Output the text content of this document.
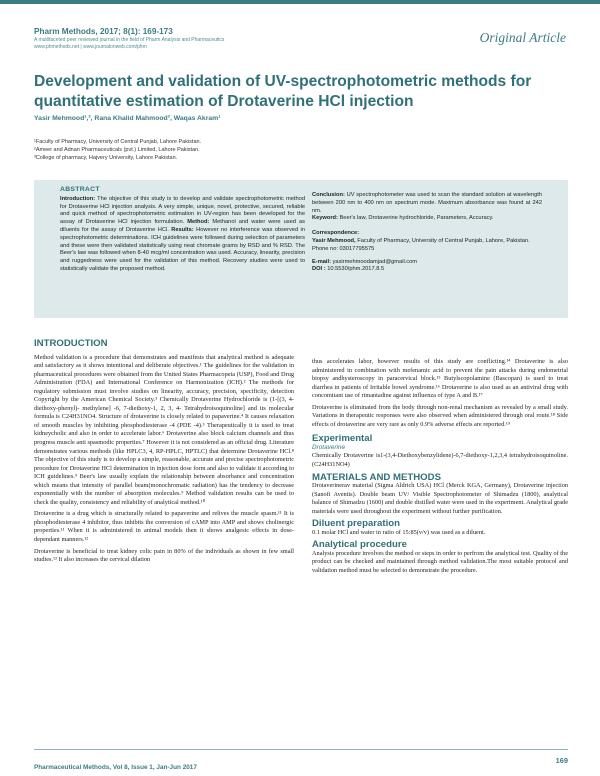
Pharm Methods, 2017; 8(1): 169-173
A multifaceted peer reviewed journal in the field of Pharm Analysis and Pharmaceutics
www.phmethods.net | www.journalonweb.com/phm
Original Article
Development and validation of UV-spectrophotometric methods for quantitative estimation of Drotaverine HCl injection
Yasir Mehmood¹,², Rana Khalid Mahmood³, Waqas Akram¹
¹Faculty of Pharmacy, University of Central Punjab, Lahore Pakistan.
²Ameer and Adnan Pharmaceuticals (pvt.) Limited, Lahore Pakistan.
³College of pharmacy, Hajvery University, Lahore Pakistan.
ABSTRACT
Introduction: The objective of this study is to develop and validate spectrophotometric method for Drotaverine HCl injection analysis. A very simple, unique, novel, protective, secured, reliable and quick method of spectrophotometric estimation in UV-region has been developed for the assay of Drotaverine HCl injection formulation. Method: Methanol and water were used as diluents for the assay of Drotaverine HCl. Results: However no interference was observed in spectrophotometric determinations. ICH guidelines were followed during selection of parameters and these were then validated statistically using neat chromate grams by RSD and % RSD. The Beer's law was followed when 8-40 mcg/ml concentration was used. Accuracy, linearity, precision and ruggedness were used for the validation of this method. Recovery studies were used to statistically validate the proposed method.
Conclusion: UV spectrophotometer was used to scan the standard solution at wavelength between 200 nm to 400 nm on spectrum mode. Maximum absorbance was found at 242 nm.
Keyword: Beer's law, Drotaverine hydrochloride, Parameters, Accuracy.
Correspondence:
Yasir Mehmood, Faculty of Pharmacy, University of Central Punjab, Lahore, Pakistan.
Phone no: 03017795575
E-mail: yasirmehmoodamjad@gmail.com
DOI : 10.5530/phm.2017.8.5
INTRODUCTION

Method validation is a procedure that demonstrates and manifests that analytical method is adequate and satisfactory as it shows intentional and deliberate objectives.¹ The guidelines for the validation in pharmaceutical procedures were obtained from the United States Pharmacopeia (USP), Food and Drug Administration (FDA) and International Conference on Harmonization (ICH).² The methods for regulatory submission must involve studies on linearity, accuracy, precision, specificity, detection Copyright by the American Chemical Society.³ Chemically Drotaverine Hydrochloride is (1-[(3, 4-diethoxy-phenyl)- methylene] -6, 7-diethoxy-1, 2, 3, 4- Tetrahydroisoquinoline] and its molecular formula is C24H31NO4. Structure of drotaverine is closely related to papaverine.⁴ It causes relaxation of smooth muscles by inhibiting phosphodiesterase -4 (PDE -4).⁵ Therapeutically it is used to treat kidneycholic and also in order to accelerate labor.⁶ Drotaverine also block calcium channels and thus progress muscle anti spasmodic properties.⁷ However it is not considered as an official drug. Literature demonstrates various methods (like HPLC3, 4, RP-HPLC, HPTLC) that determine Drotaverine HCl.⁸ The objective of this study is to develop a simple, reasonable, accurate and precise spectrophotometric procedure for Drotaverine HCl determination in injection dose form and also to validate it according to ICH guidelines.⁹ Beer's law usually explain the relationship between absorbance and concentration which means that intensity of parallel beam(monochromatic radiation) has the tendency to decrease exponentially with the number of absorption molecules.⁹ Method validation results can be used to check the quality, consistency and reliability of analytical method.¹⁰

Drotaverine is a drug which is structurally related to papaverine and relives the muscle spasm.¹¹ It is phosphodiesterase 4 inhibitor, thus inhibits the conversion of cAMP into AMP and shows cholinergic properties.¹¹ When it is administered in animal models then it shows analgesic effects in dose-dependant manners.¹²

Drotaverine is beneficial to treat kidney colic pain in 80% of the individuals as shown in few small studies.¹³ It also increases the cervical dilation

thus accelerates labor, however results of this study are conflicting.¹⁴ Drotaverine is also administered in combination with mefenamic acid to prevent the pain attacks during endometrial biopsy andhysteroscopy in paracervical block.¹⁵ Butylscopolamine (Bascopan) is used to treat diarrhea in patients of Irritable bowel syndrome.¹⁶ Drotaverine is also used as an antiviral drug with concomitant use of rimantadine against influenza of type A and B.¹⁷

Drotaverine is eliminated from the body through non-renal mechanism as revealed by a small study. Variations in therapeutic responses were also observed when administered through oral route.¹⁸ Side effects of drotaverine are very rare as only 0.9% adverse effects are reported.¹⁹

Experimental
Drotaverine

Chemically Drotaverine is1-(3,4-Diethoxybenzylidene)-6,7-diethoxy-1,2,3,4 tetrahydroisoquinoline. (C24H31NO4)

MATERIALS AND METHODS

Drotaverinerav material (Sigma Aldrich USA) HCl (Merck KGA, Germany), Drotaverine injection (Sanofi Aventis). Double beam UV/ Visible Spectrophotometer of Shimadzu (1800), analytical balance of Shimadzu (1600) and double distilled water were used in the experiment. Analytical grade materials were used throughout the experiment without further purification.

Diluent preparation

0.1 molar HCl and water in ratio of 15:85(v/v) was used as a diluent.

Analytical procedure

Analysis procedure involves the method or steps in order to perfrom the analytical test. Quality of the product can be checked and maintained through method validation.The most suitable protocol and validation method must be selected to demonstrate the procedure.

Pharmaceutical Methods, Vol 8, Issue 1, Jan-Jun 2017
169
